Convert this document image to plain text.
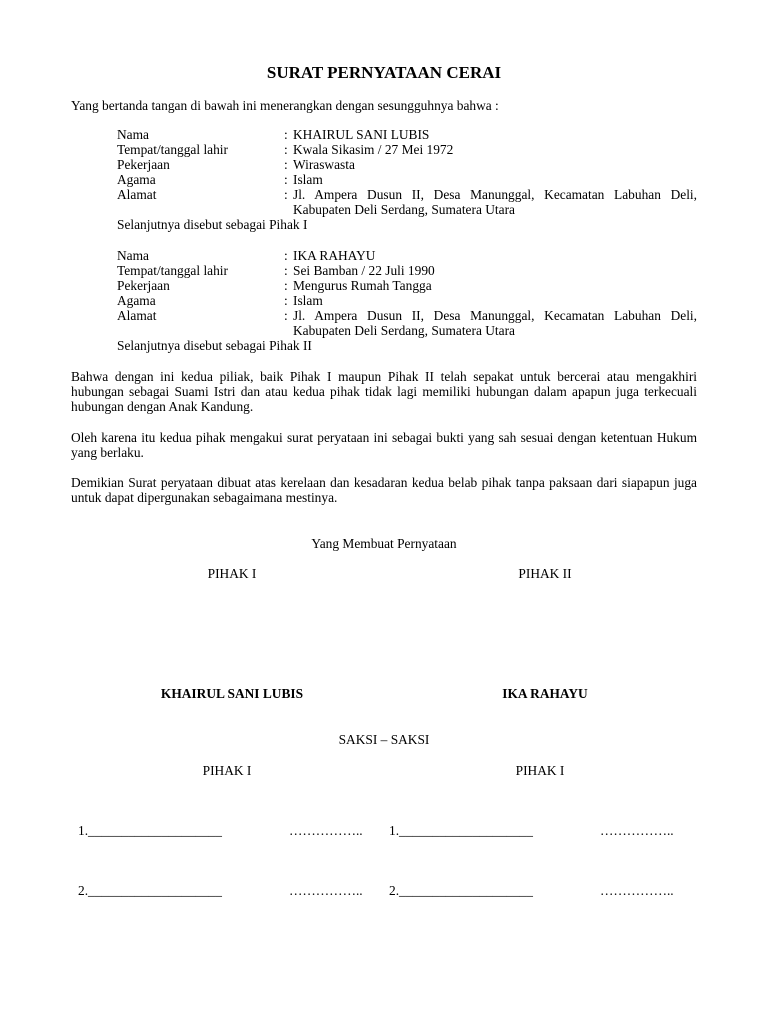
SURAT PERNYATAAN CERAI
Yang bertanda tangan di bawah ini menerangkan dengan sesungguhnya bahwa :
Nama	: KHAIRUL SANI LUBIS
Tempat/tanggal lahir	: Kwala Sikasim / 27 Mei 1972
Pekerjaan	: Wiraswasta
Agama	: Islam
Alamat	: Jl. Ampera Dusun II, Desa Manunggal, Kecamatan Labuhan Deli, Kabupaten Deli Serdang, Sumatera Utara
Selanjutnya disebut sebagai Pihak I
Nama	: IKA RAHAYU
Tempat/tanggal lahir	: Sei Bamban / 22 Juli 1990
Pekerjaan	: Mengurus Rumah Tangga
Agama	: Islam
Alamat	: Jl. Ampera Dusun II, Desa Manunggal, Kecamatan Labuhan Deli, Kabupaten Deli Serdang, Sumatera Utara
Selanjutnya disebut sebagai Pihak II
Bahwa dengan ini kedua piliak, baik Pihak I maupun Pihak II telah sepakat untuk bercerai atau mengakhiri hubungan sebagai Suami Istri dan atau kedua pihak tidak lagi memiliki hubungan dalam apapun juga terkecuali hubungan dengan Anak Kandung.
Oleh karena itu kedua pihak mengakui surat peryataan ini sebagai bukti yang sah sesuai dengan ketentuan Hukum yang berlaku.
Demikian Surat peryataan dibuat atas kerelaan dan kesadaran kedua belab pihak tanpa paksaan dari siapapun juga untuk dapat dipergunakan sebagaimana mestinya.
Yang Membuat Pernyataan
PIHAK I	PIHAK II
KHAIRUL SANI LUBIS	IKA RAHAYU
SAKSI – SAKSI
PIHAK I	PIHAK I
1.____________________	…………….. 1.____________________	……………..
2.____________________	…………….. 2.____________________	……………..
